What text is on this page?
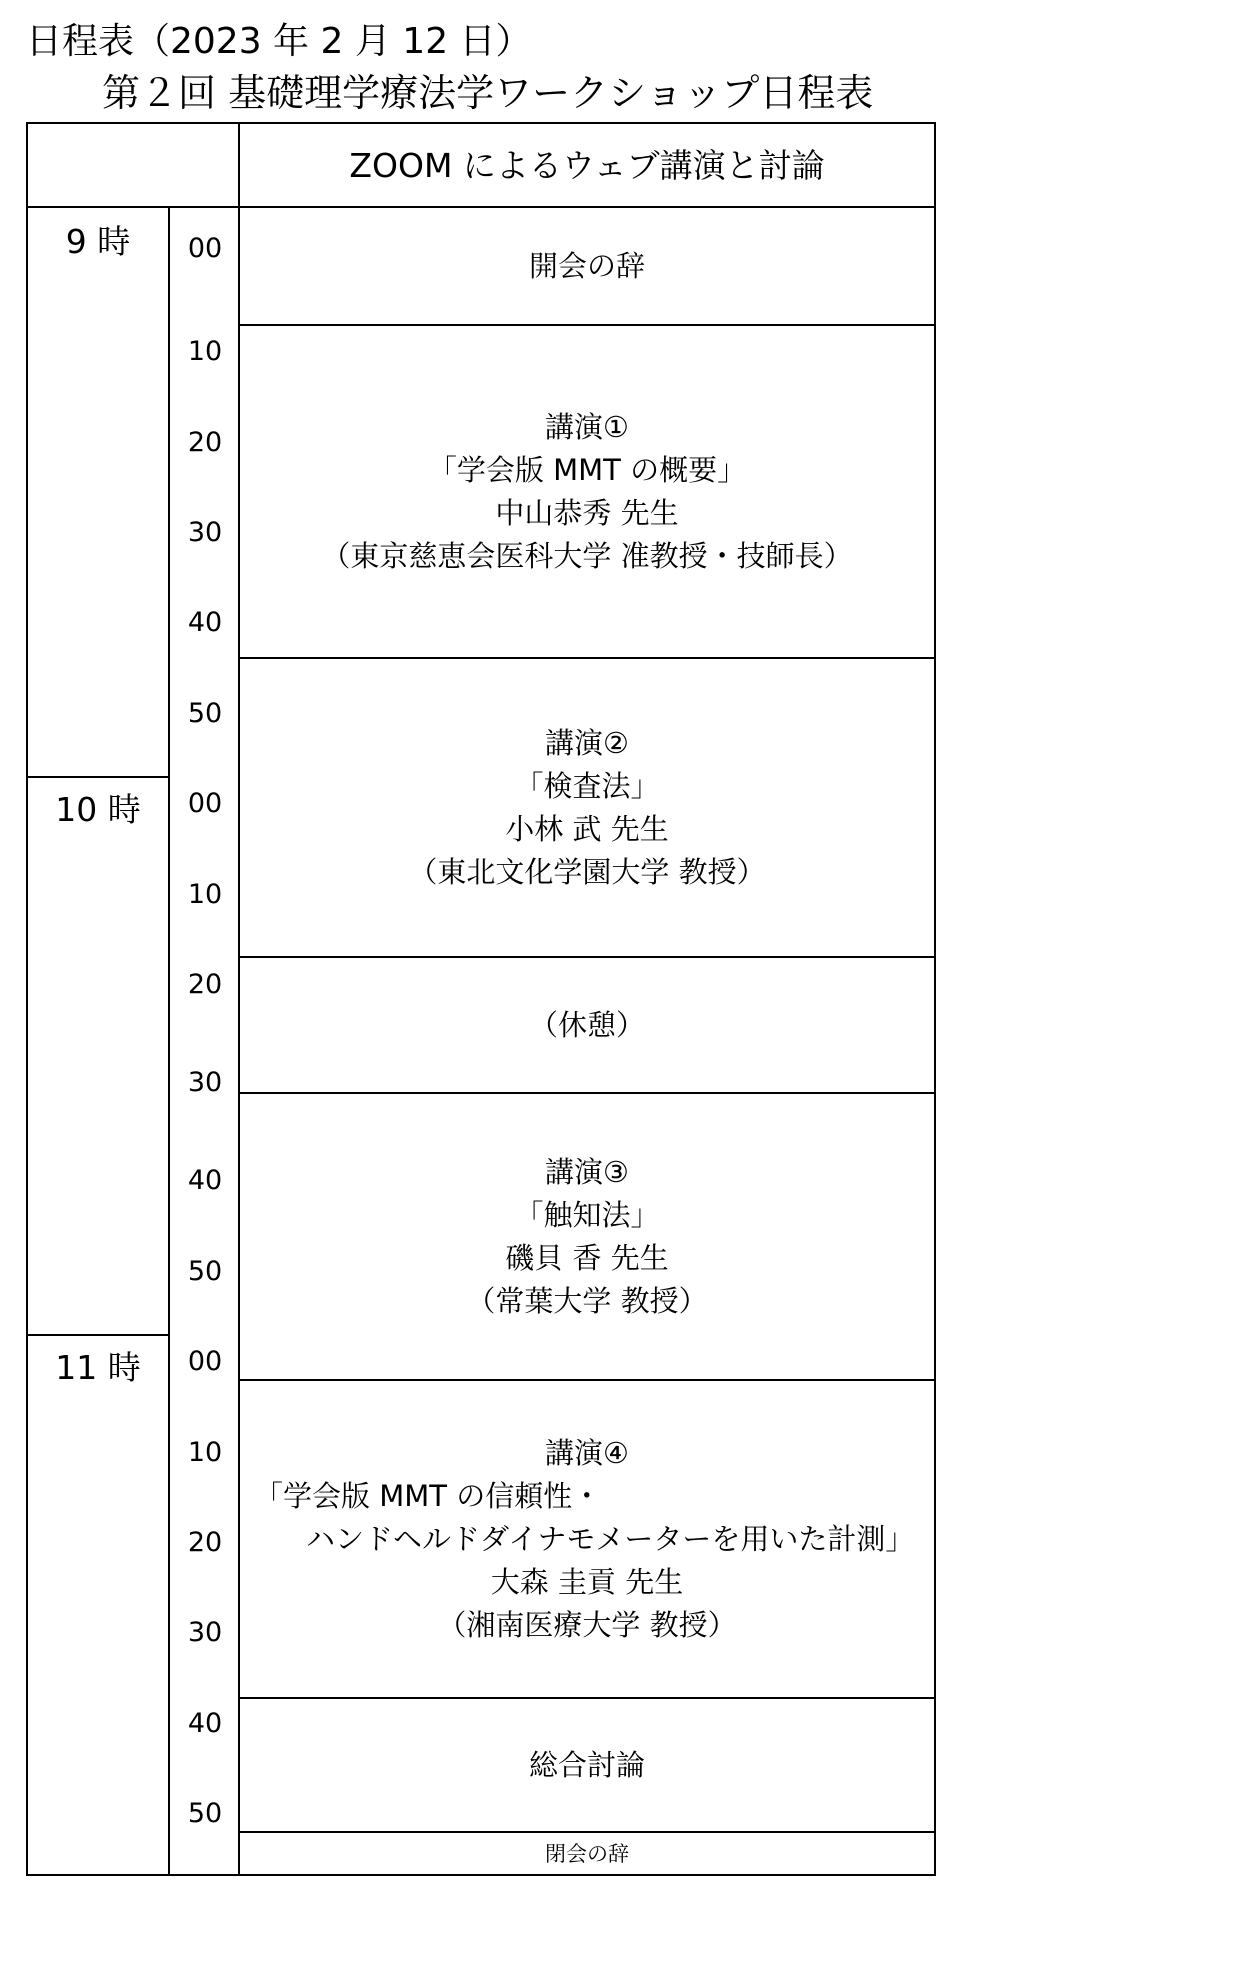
日程表（2023 年 2 月 12 日）
第２回 基礎理学療法学ワークショップ日程表
ZOOM によるウェブ講演と討論
9 時
10 時
11 時
00
10
20
30
40
50
00
10
20
30
40
50
00
10
20
30
40
50
開会の辞
講演①
「学会版 MMT の概要」
中山恭秀 先生
（東京慈恵会医科大学 准教授・技師長）
講演②
「検査法」
小林 武 先生
（東北文化学園大学 教授）
（休憩）
講演③
「触知法」
磯貝 香 先生
（常葉大学 教授）
講演④
「学会版 MMT の信頼性・
ハンドヘルドダイナモメーターを用いた計測」
大森 圭貢 先生
（湘南医療大学 教授）
総合討論
閉会の辞
